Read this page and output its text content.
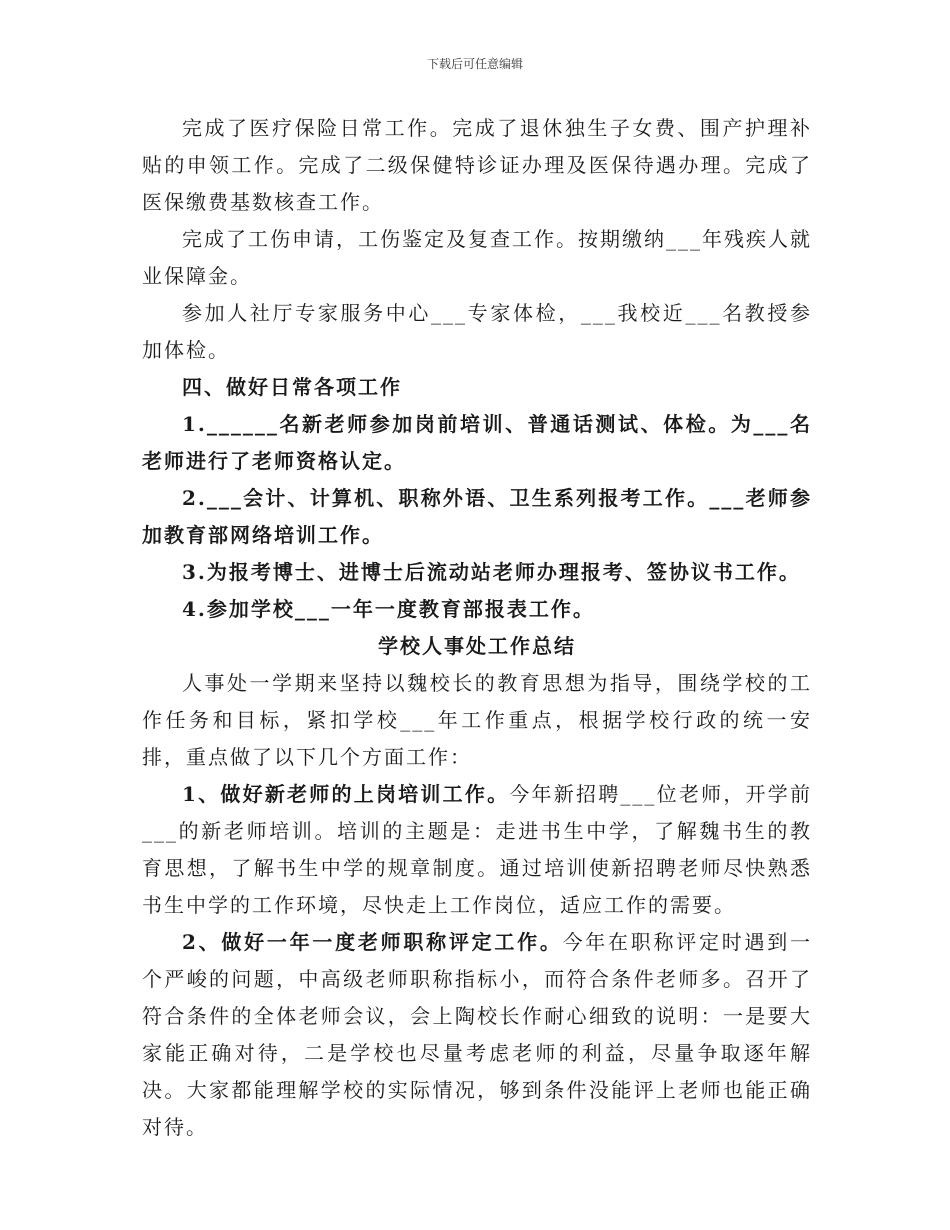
下载后可任意编辑

完成了医疗保险日常工作。完成了退休独生子女费、围产护理补贴的申领工作。完成了二级保健特诊证办理及医保待遇办理。完成了医保缴费基数核查工作。

完成了工伤申请，工伤鉴定及复查工作。按期缴纳___年残疾人就业保障金。

参加人社厅专家服务中心___专家体检，___我校近___名教授参加体检。

四、做好日常各项工作

1.______名新老师参加岗前培训、普通话测试、体检。为___名老师进行了老师资格认定。

2.___会计、计算机、职称外语、卫生系列报考工作。___老师参加教育部网络培训工作。

3.为报考博士、进博士后流动站老师办理报考、签协议书工作。

4.参加学校___一年一度教育部报表工作。

学校人事处工作总结

人事处一学期来坚持以魏校长的教育思想为指导，围绕学校的工作任务和目标，紧扣学校___年工作重点，根据学校行政的统一安排，重点做了以下几个方面工作：

1、做好新老师的上岗培训工作。今年新招聘___位老师，开学前___的新老师培训。培训的主题是：走进书生中学，了解魏书生的教育思想，了解书生中学的规章制度。通过培训使新招聘老师尽快熟悉书生中学的工作环境，尽快走上工作岗位，适应工作的需要。

2、做好一年一度老师职称评定工作。今年在职称评定时遇到一个严峻的问题，中高级老师职称指标小，而符合条件老师多。召开了符合条件的全体老师会议，会上陶校长作耐心细致的说明：一是要大家能正确对待，二是学校也尽量考虑老师的利益，尽量争取逐年解决。大家都能理解学校的实际情况，够到条件没能评上老师也能正确对待。
